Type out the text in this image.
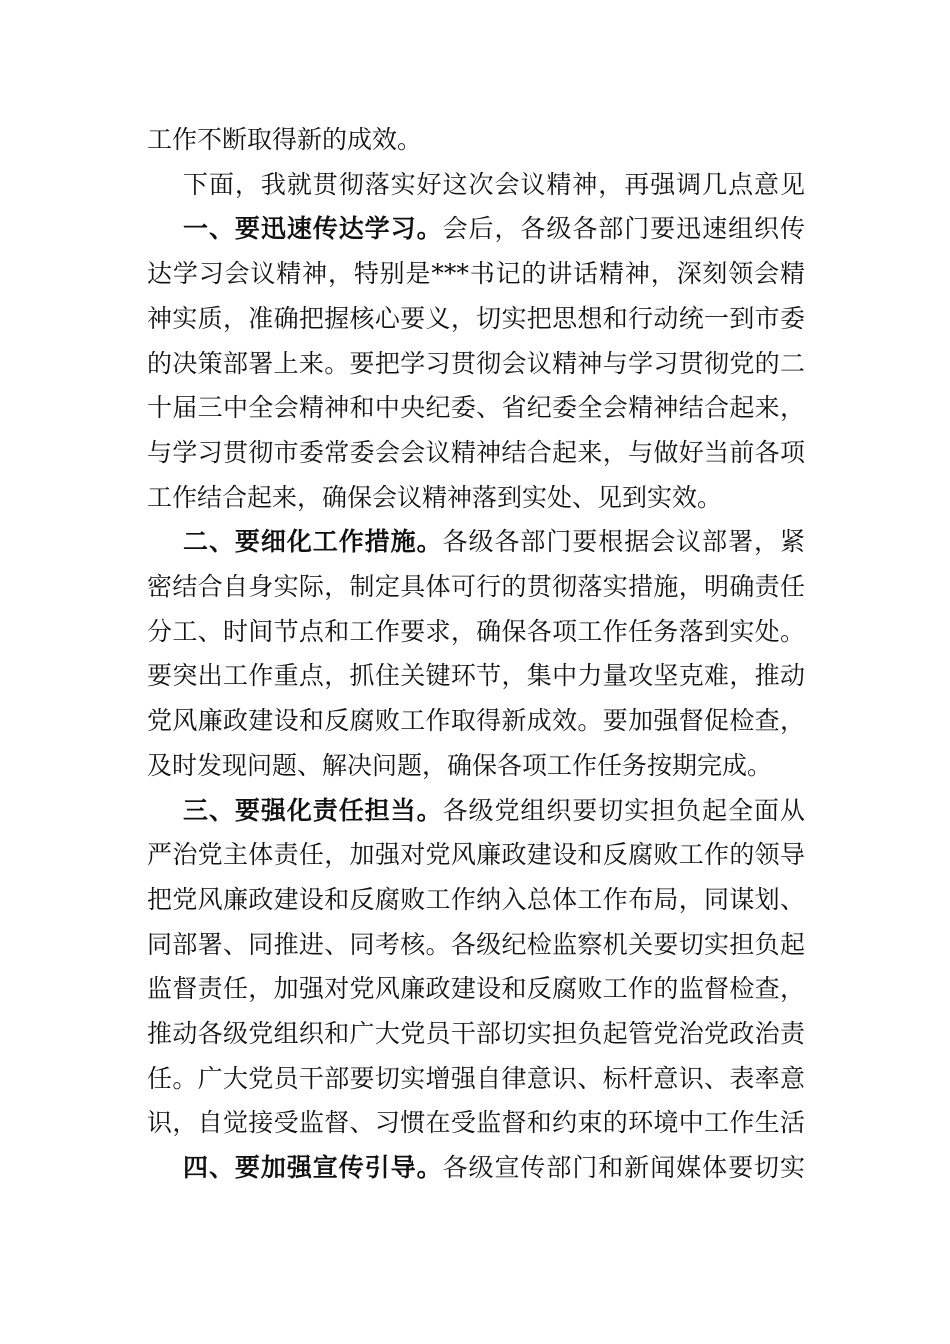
工作不断取得新的成效。
下面，我就贯彻落实好这次会议精神，再强调几点意见
一、要迅速传达学习。会后，各级各部门要迅速组织传
达学习会议精神，特别是***书记的讲话精神，深刻领会精
神实质，准确把握核心要义，切实把思想和行动统一到市委
的决策部署上来。要把学习贯彻会议精神与学习贯彻党的二
十届三中全会精神和中央纪委、省纪委全会精神结合起来，
与学习贯彻市委常委会会议精神结合起来，与做好当前各项
工作结合起来，确保会议精神落到实处、见到实效。
二、要细化工作措施。各级各部门要根据会议部署，紧
密结合自身实际，制定具体可行的贯彻落实措施，明确责任
分工、时间节点和工作要求，确保各项工作任务落到实处。
要突出工作重点，抓住关键环节，集中力量攻坚克难，推动
党风廉政建设和反腐败工作取得新成效。要加强督促检查，
及时发现问题、解决问题，确保各项工作任务按期完成。
三、要强化责任担当。各级党组织要切实担负起全面从
严治党主体责任，加强对党风廉政建设和反腐败工作的领导
把党风廉政建设和反腐败工作纳入总体工作布局，同谋划、
同部署、同推进、同考核。各级纪检监察机关要切实担负起
监督责任，加强对党风廉政建设和反腐败工作的监督检查，
推动各级党组织和广大党员干部切实担负起管党治党政治责
任。广大党员干部要切实增强自律意识、标杆意识、表率意
识，自觉接受监督、习惯在受监督和约束的环境中工作生活
四、要加强宣传引导。各级宣传部门和新闻媒体要切实
